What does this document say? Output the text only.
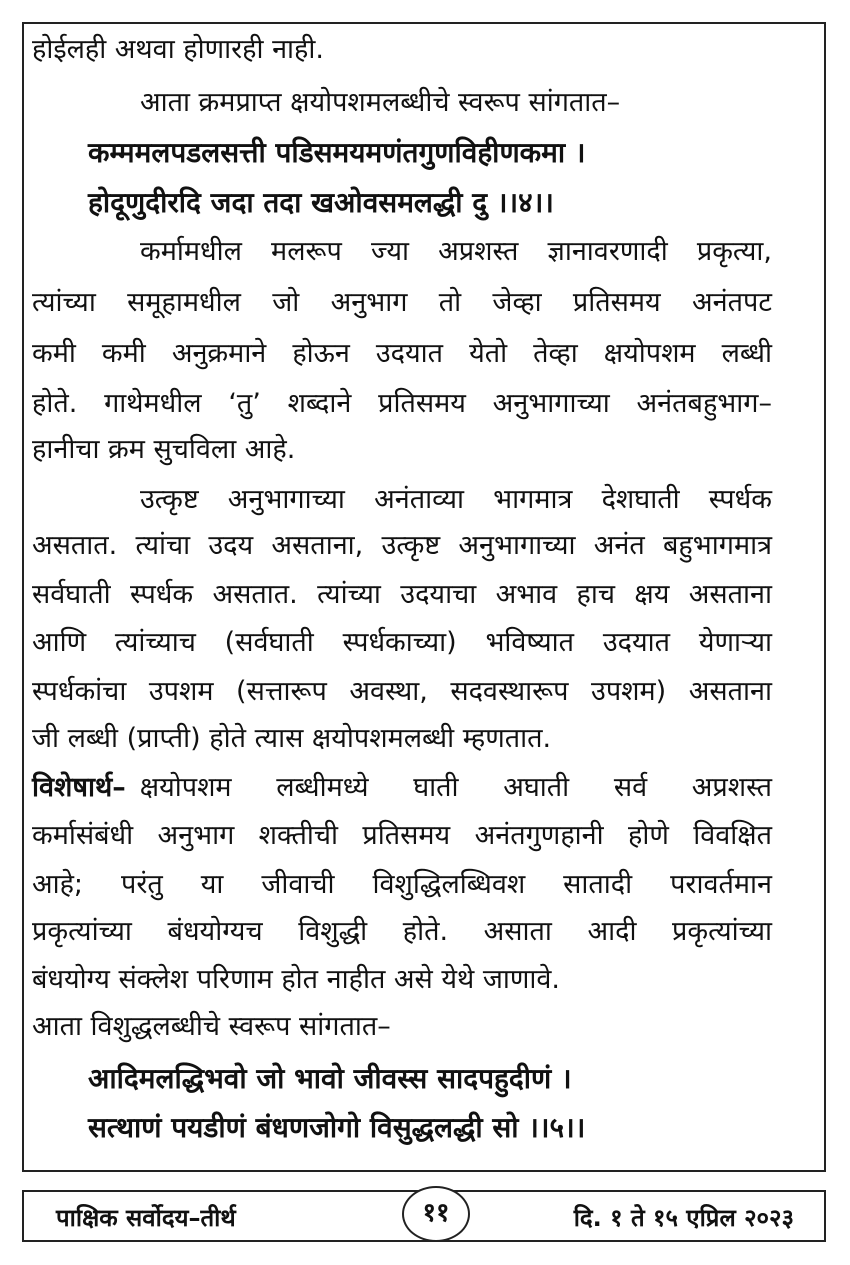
होईलही अथवा होणारही नाही.
आता क्रमप्राप्त क्षयोपशमलब्धीचे स्वरूप सांगतात–
कम्ममलपडलसत्ती पडिसमयमणंतगुणविहीणकमा ।
होदूणुदीरदि जदा तदा खओवसमलद्धी दु ।।४।।
कर्मामधील मलरूप ज्या अप्रशस्त ज्ञानावरणादी प्रकृत्या,
त्यांच्या समूहामधील जो अनुभाग तो जेव्हा प्रतिसमय अनंतपट
कमी कमी अनुक्रमाने होऊन उदयात येतो तेव्हा क्षयोपशम लब्धी
होते. गाथेमधील ‘तु’ शब्दाने प्रतिसमय अनुभागाच्या अनंतबहुभाग–
हानीचा क्रम सुचविला आहे.
उत्कृष्ट अनुभागाच्या अनंताव्या भागमात्र देशघाती स्पर्धक
असतात. त्यांचा उदय असताना, उत्कृष्ट अनुभागाच्या अनंत बहुभागमात्र
सर्वघाती स्पर्धक असतात. त्यांच्या उदयाचा अभाव हाच क्षय असताना
आणि त्यांच्याच (सर्वघाती स्पर्धकाच्या) भविष्यात उदयात येणाऱ्या
स्पर्धकांचा उपशम (सत्तारूप अवस्था, सदवस्थारूप उपशम) असताना
जी लब्धी (प्राप्ती) होते त्यास क्षयोपशमलब्धी म्हणतात.
विशेषार्थ– क्षयोपशम लब्धीमध्ये घाती अघाती सर्व अप्रशस्त
कर्मासंबंधी अनुभाग शक्तीची प्रतिसमय अनंतगुणहानी होणे विवक्षित
आहे; परंतु या जीवाची विशुद्धिलब्धिवश सातादी परावर्तमान
प्रकृत्यांच्या बंधयोग्यच विशुद्धी होते. असाता आदी प्रकृत्यांच्या
बंधयोग्य संक्लेश परिणाम होत नाहीत असे येथे जाणावे.
आता विशुद्धलब्धीचे स्वरूप सांगतात–
आदिमलद्धिभवो जो भावो जीवस्स सादपहुदीणं ।
सत्थाणं पयडीणं बंधणजोगो विसुद्धलद्धी सो ।।५।।
पाक्षिक सर्वोदय–तीर्थ	११	दि. १ ते १५ एप्रिल २०२३
